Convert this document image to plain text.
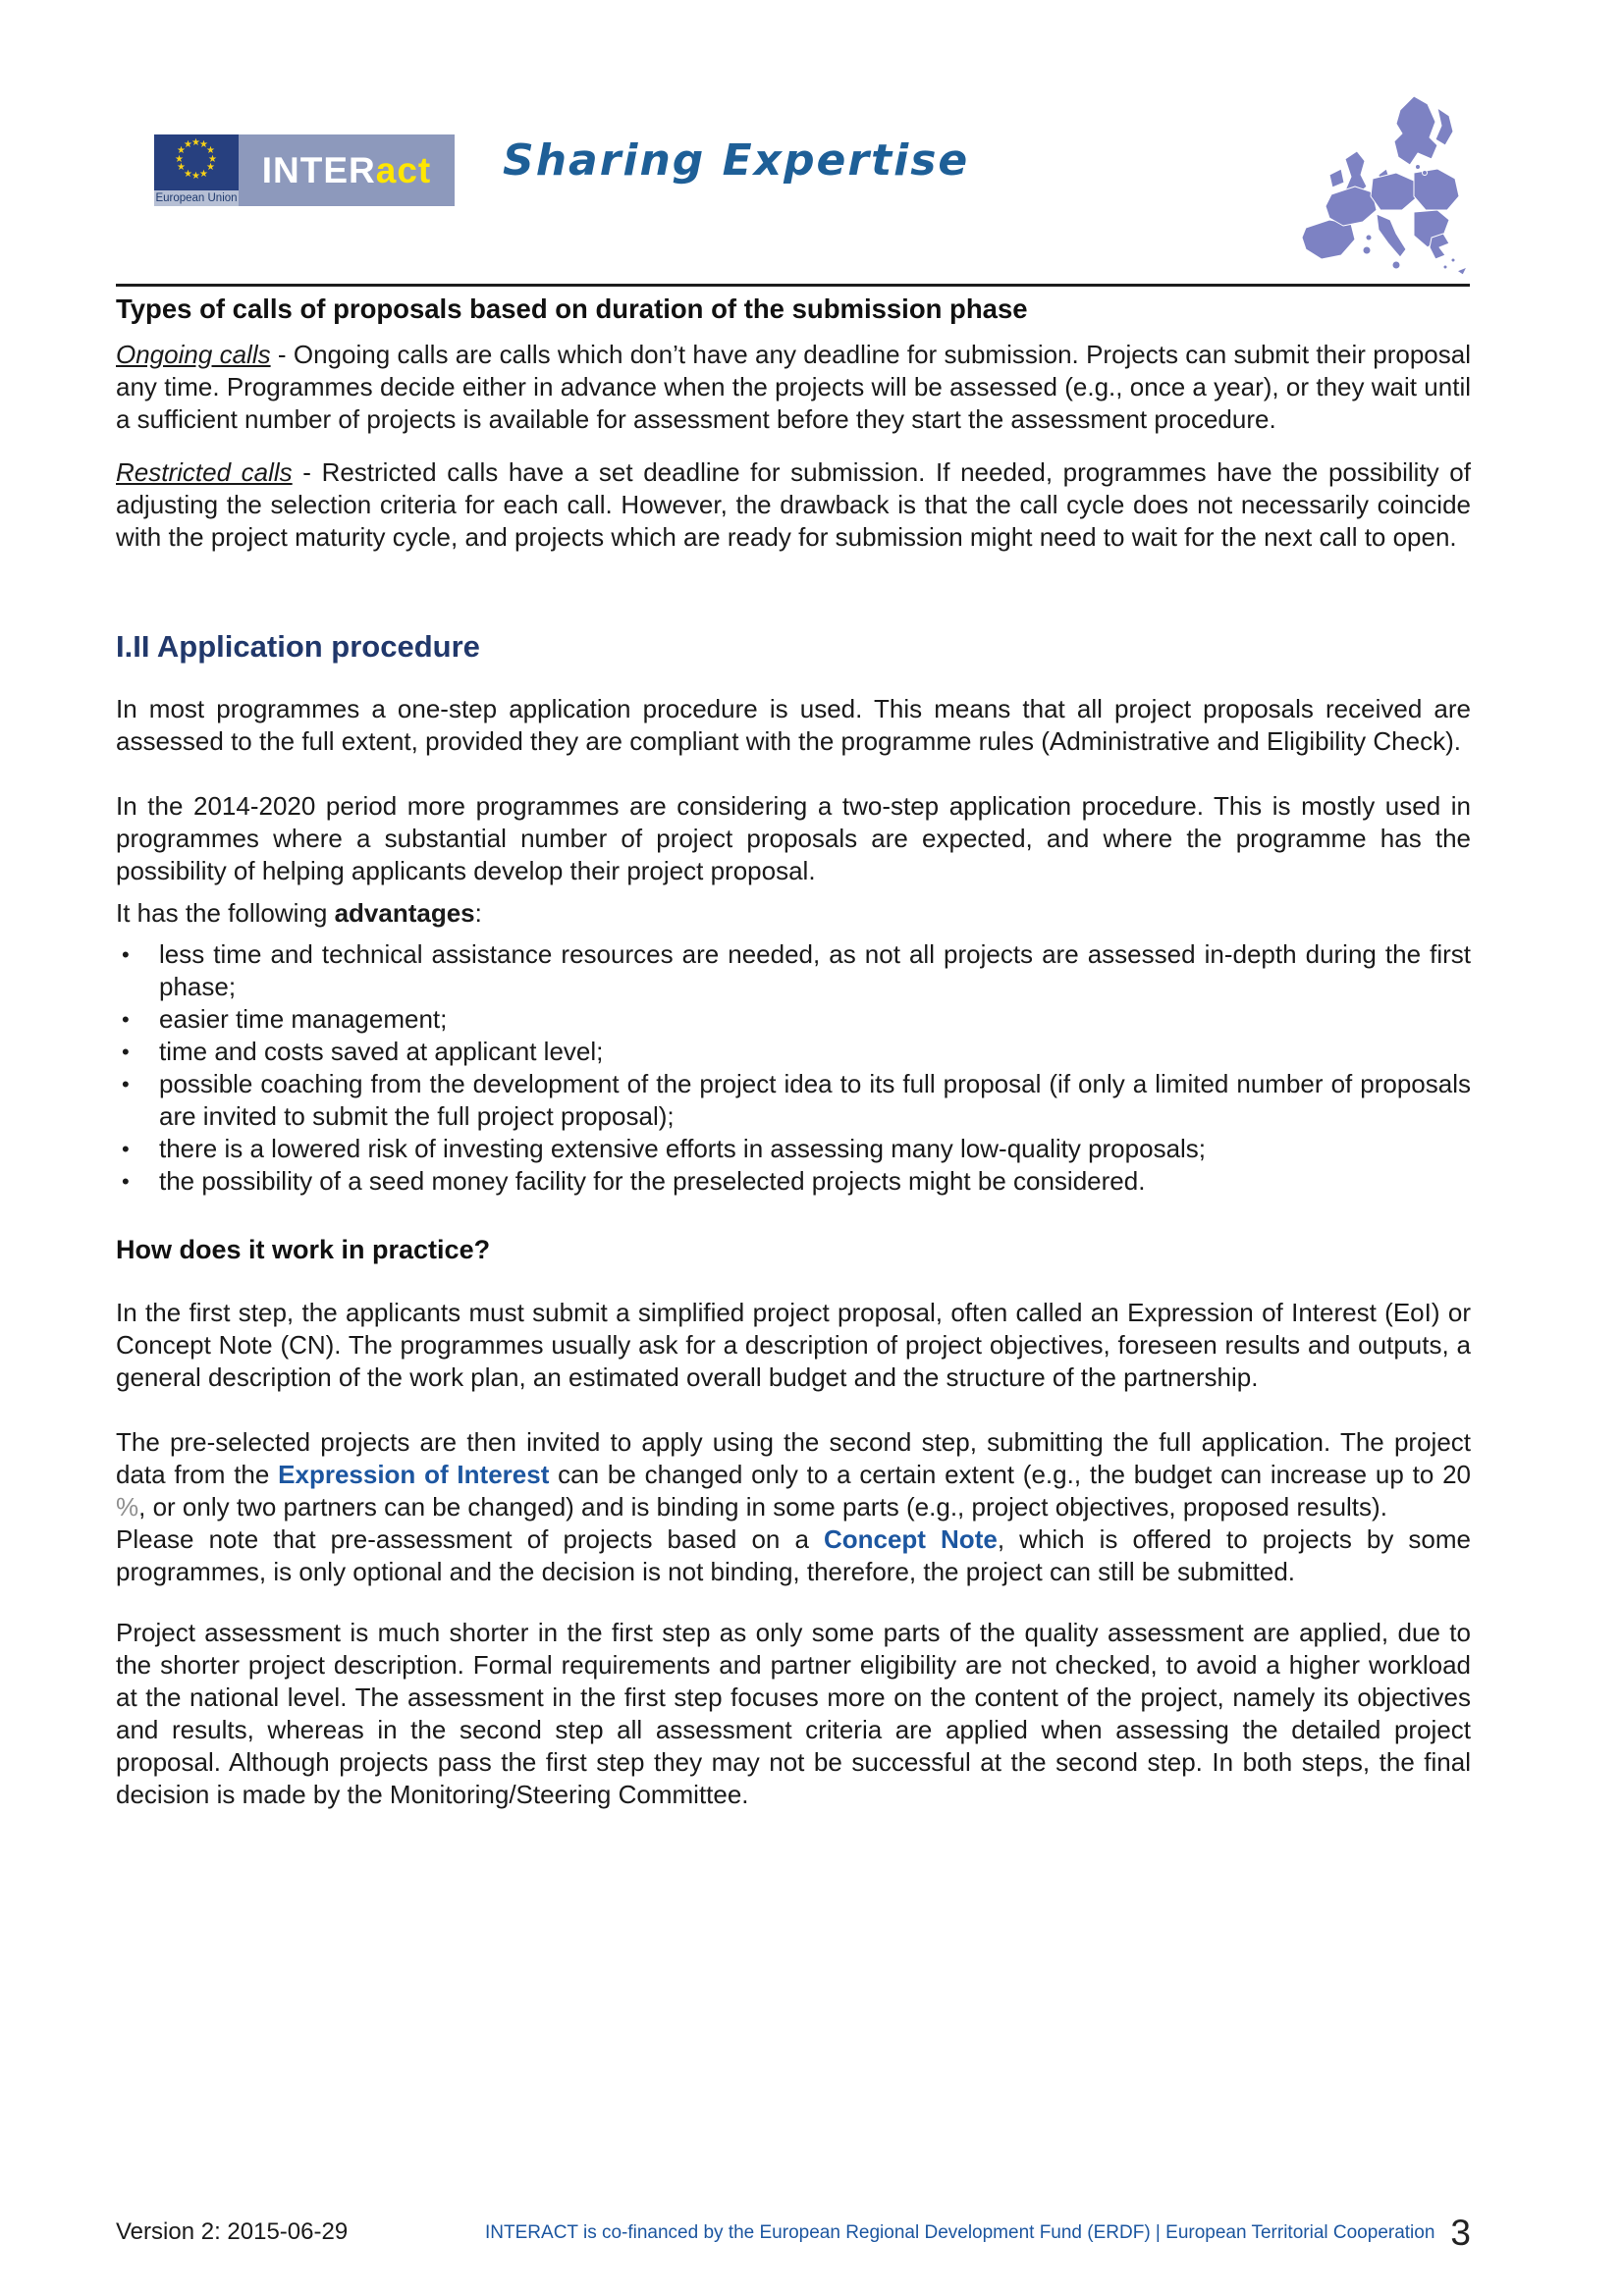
★ ★
★
★
★
★
★
★
★
★
★
★
European Union
INTER act Sharing Expertise
Types of calls of proposals based on duration of the submission phase

Ongoing calls - Ongoing calls are calls which don’t have any deadline for submission. Projects can submit their proposal any time. Programmes decide either in advance when the projects will be assessed (e.g., once a year), or they wait until a sufficient number of projects is available for assessment before they start the assessment procedure.

Restricted calls - Restricted calls have a set deadline for submission. If needed, programmes have the possibility of adjusting the selection criteria for each call. However, the drawback is that the call cycle does not necessarily coincide with the project maturity cycle, and projects which are ready for submission might need to wait for the next call to open.

I.II Application procedure

In most programmes a one-step application procedure is used. This means that all project proposals received are assessed to the full extent, provided they are compliant with the programme rules (Administrative and Eligibility Check).

In the 2014-2020 period more programmes are considering a two-step application procedure. This is mostly used in programmes where a substantial number of project proposals are expected, and where the programme has the possibility of helping applicants develop their project proposal.

It has the following advantages:

•	less time and technical assistance resources are needed, as not all projects are assessed in-depth during the first phase;
•	easier time management;
•	time and costs saved at applicant level;
•	possible coaching from the development of the project idea to its full proposal (if only a limited number of proposals are invited to submit the full project proposal);
•	there is a lowered risk of investing extensive efforts in assessing many low-quality proposals;
•	the possibility of a seed money facility for the preselected projects might be considered.
How does it work in practice?

In the first step, the applicants must submit a simplified project proposal, often called an Expression of Interest (EoI) or Concept Note (CN). The programmes usually ask for a description of project objectives, foreseen results and outputs, a general description of the work plan, an estimated overall budget and the structure of the partnership.

The pre-selected projects are then invited to apply using the second step, submitting the full application. The project data from the Expression of Interest can be changed only to a certain extent (e.g., the budget can increase up to 20 %, or only two partners can be changed) and is binding in some parts (e.g., project objectives, proposed results).

Please note that pre-assessment of projects based on a Concept Note, which is offered to projects by some programmes, is only optional and the decision is not binding, therefore, the project can still be submitted.

Project assessment is much shorter in the first step as only some parts of the quality assessment are applied, due to the shorter project description. Formal requirements and partner eligibility are not checked, to avoid a higher workload at the national level. The assessment in the first step focuses more on the content of the project, namely its objectives and results, whereas in the second step all assessment criteria are applied when assessing the detailed project proposal. Although projects pass the first step they may not be successful at the second step. In both steps, the final decision is made by the Monitoring/Steering Committee.

Version 2: 2015-06-29	INTERACT is co-financed by the European Regional Development Fund (ERDF) | European Territorial Cooperation 3
